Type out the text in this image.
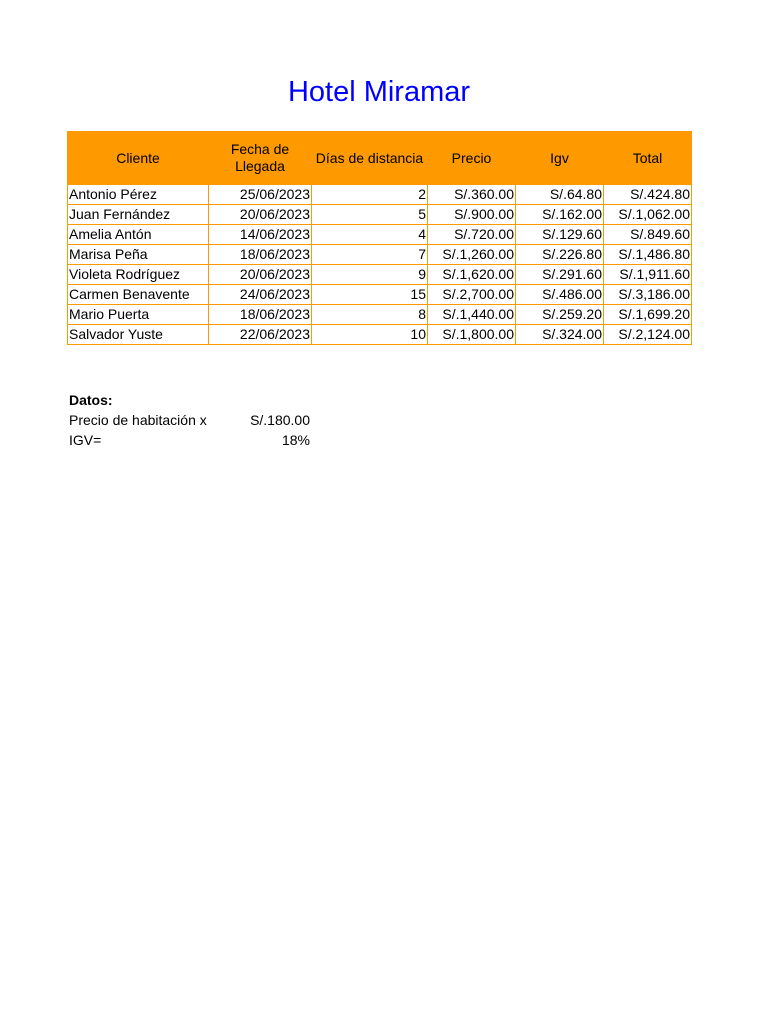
Hotel Miramar
Cliente	Fecha de Llegada	Días de distancia	Precio	Igv	Total
Antonio Pérez	25/06/2023	2	S/.360.00	S/.64.80	S/.424.80
Juan Fernández	20/06/2023	5	S/.900.00	S/.162.00	S/.1,062.00
Amelia Antón	14/06/2023	4	S/.720.00	S/.129.60	S/.849.60
Marisa Peña	18/06/2023	7	S/.1,260.00	S/.226.80	S/.1,486.80
Violeta Rodríguez	20/06/2023	9	S/.1,620.00	S/.291.60	S/.1,911.60
Carmen Benavente	24/06/2023	15	S/.2,700.00	S/.486.00	S/.3,186.00
Mario Puerta	18/06/2023	8	S/.1,440.00	S/.259.20	S/.1,699.20
Salvador Yuste	22/06/2023	10	S/.1,800.00	S/.324.00	S/.2,124.00
Datos:
Precio de habitación x	S/.180.00
IGV=	18%
